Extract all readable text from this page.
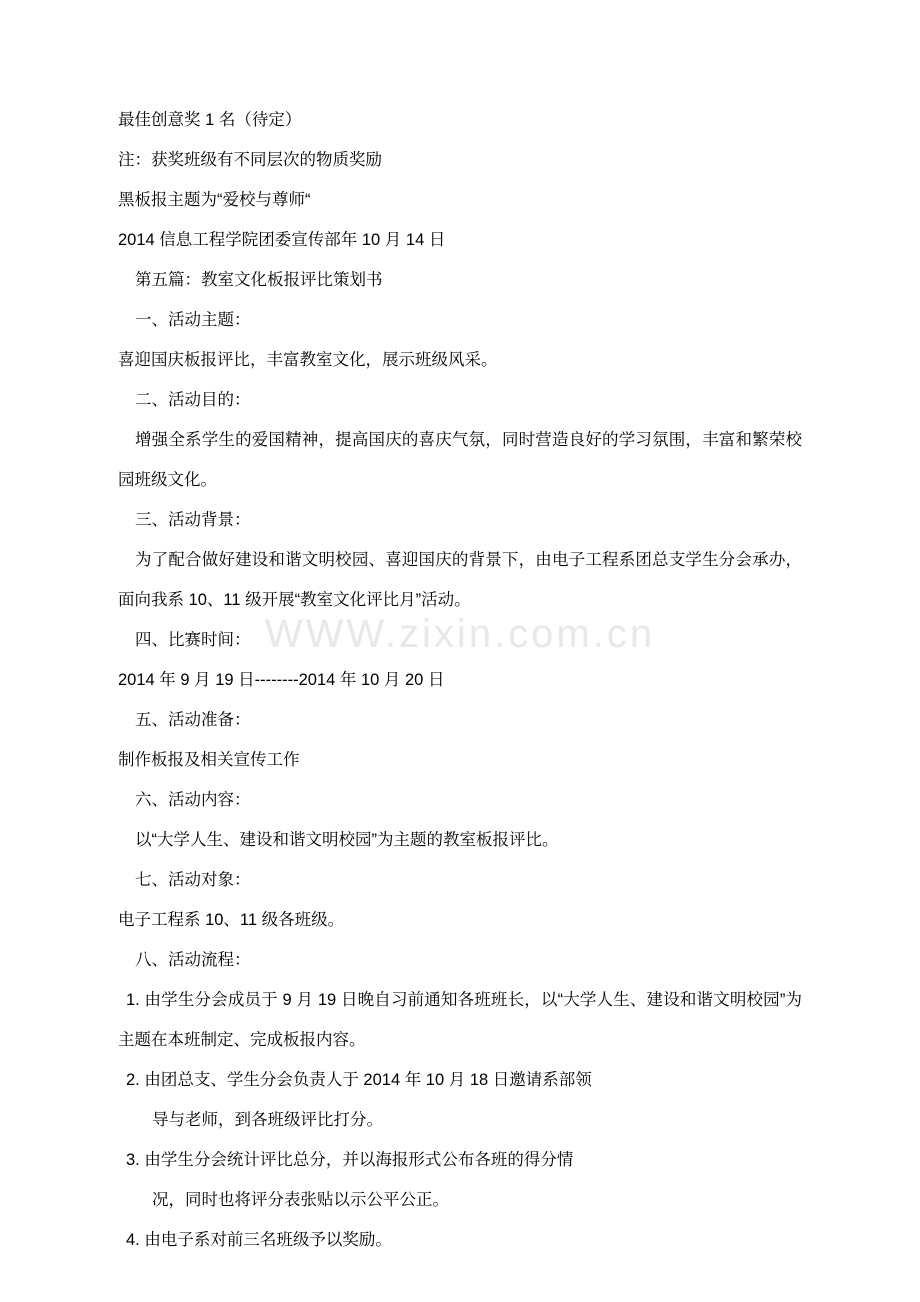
WWW.zixin.com.cn
最佳创意奖 1 名（待定）
注：获奖班级有不同层次的物质奖励
黑板报主题为“爱校与尊师“
2014 信息工程学院团委宣传部年 10 月 14 日
第五篇：教室文化板报评比策划书
一、活动主题：
喜迎国庆板报评比，丰富教室文化，展示班级风采。
二、活动目的：
增强全系学生的爱国精神，提高国庆的喜庆气氛，同时营造良好的学习氛围，丰富和繁荣校园班级文化。
三、活动背景：
为了配合做好建设和谐文明校园、喜迎国庆的背景下，由电子工程系团总支学生分会承办，面向我系 10、11 级开展“教室文化评比月”活动。
四、比赛时间：
2014 年 9 月 19 日--------2014 年 10 月 20 日
五、活动准备：
制作板报及相关宣传工作
六、活动内容：
以“大学人生、建设和谐文明校园”为主题的教室板报评比。
七、活动对象：
电子工程系 10、11 级各班级。
八、活动流程：
1. 由学生分会成员于 9 月 19 日晚自习前通知各班班长，以“大学人生、建设和谐文明校园”为主题在本班制定、完成板报内容。
2. 由团总支、学生分会负责人于 2014 年 10 月 18 日邀请系部领
导与老师，到各班级评比打分。
3. 由学生分会统计评比总分，并以海报形式公布各班的得分情
况，同时也将评分表张贴以示公平公正。
4. 由电子系对前三名班级予以奖励。
